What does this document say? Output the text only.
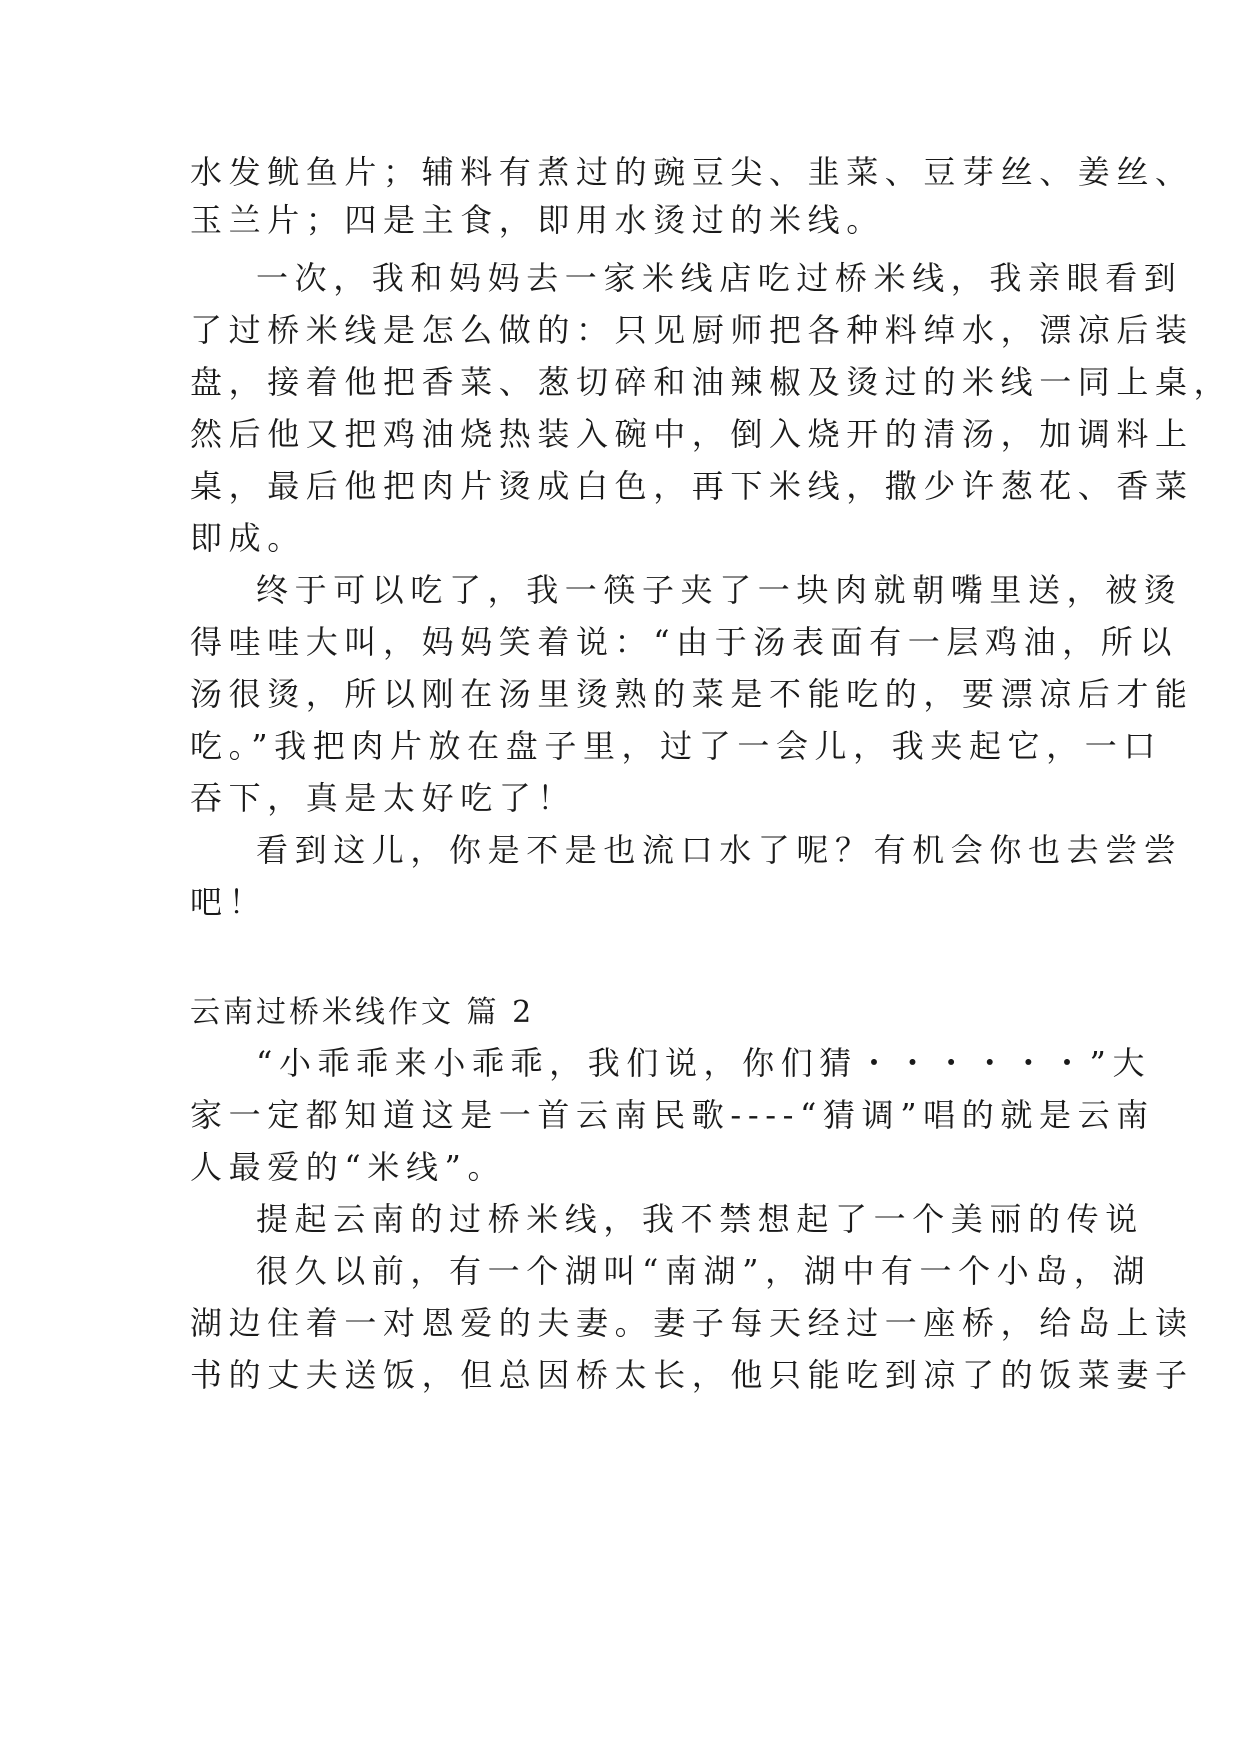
水发鱿鱼片；辅料有煮过的豌豆尖、韭菜、豆芽丝、姜丝、
玉兰片；四是主食，即用水烫过的米线。
一次，我和妈妈去一家米线店吃过桥米线，我亲眼看到
了过桥米线是怎么做的：只见厨师把各种料绰水，漂凉后装
盘，接着他把香菜、葱切碎和油辣椒及烫过的米线一同上桌，
然后他又把鸡油烧热装入碗中，倒入烧开的清汤，加调料上
桌，最后他把肉片烫成白色，再下米线，撒少许葱花、香菜
即成。
终于可以吃了，我一筷子夹了一块肉就朝嘴里送，被烫
得哇哇大叫，妈妈笑着说：“由于汤表面有一层鸡油，所以
汤很烫，所以刚在汤里烫熟的菜是不能吃的，要漂凉后才能
吃。”我把肉片放在盘子里，过了一会儿，我夹起它，一口
吞下，真是太好吃了！
看到这儿，你是不是也流口水了呢？有机会你也去尝尝
吧！
云南过桥米线作文 篇 2
“小乖乖来小乖乖，我们说，你们猜・・・・・・”大
家一定都知道这是一首云南民歌----“猜调”唱的就是云南
人最爱的“米线”。
提起云南的过桥米线，我不禁想起了一个美丽的传说
很久以前，有一个湖叫“南湖”，湖中有一个小岛，湖
湖边住着一对恩爱的夫妻。妻子每天经过一座桥，给岛上读
书的丈夫送饭，但总因桥太长，他只能吃到凉了的饭菜妻子
